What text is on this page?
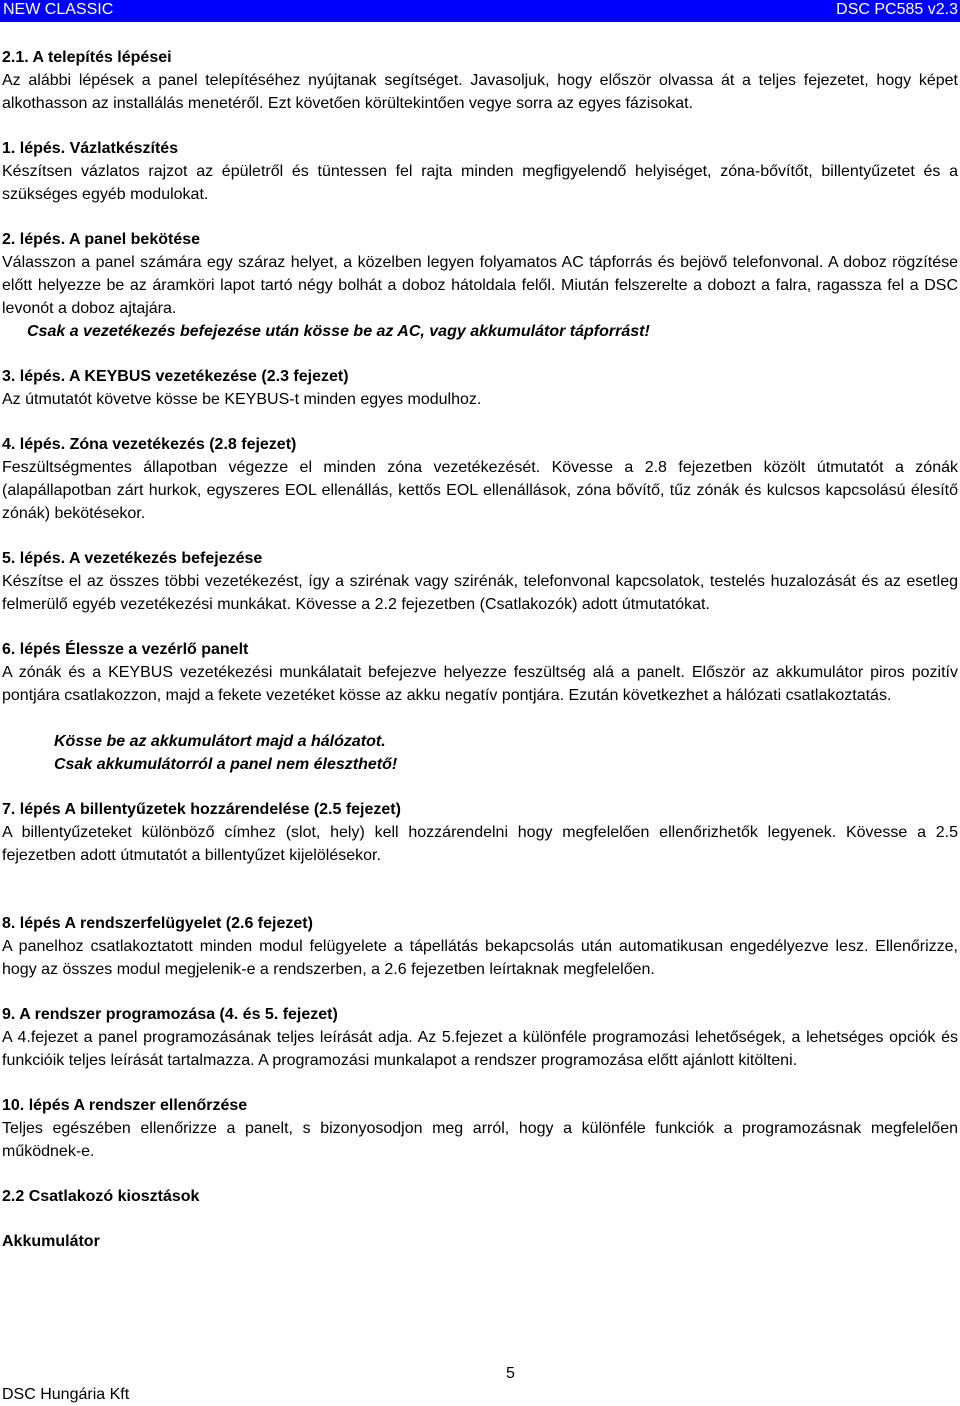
NEW CLASSIC	DSC PC585 v2.3
2.1. A telepítés lépései
Az alábbi lépések a panel telepítéséhez nyújtanak segítséget. Javasoljuk, hogy először olvassa át a teljes fejezetet, hogy képet alkothasson az installálás menetéről. Ezt követően körültekintően vegye sorra az egyes fázisokat.
1. lépés. Vázlatkészítés
Készítsen vázlatos rajzot az épületről és tüntessen fel rajta minden megfigyelendő helyiséget, zóna-bővítőt, billentyűzetet és a szükséges egyéb modulokat.
2. lépés. A panel bekötése
Válasszon a panel számára egy száraz helyet, a közelben legyen folyamatos AC tápforrás és bejövő telefonvonal. A doboz rögzítése előtt helyezze be az áramköri lapot tartó négy bolhát a doboz hátoldala felől. Miután felszerelte a dobozt a falra, ragassza fel a DSC levonót a doboz ajtajára.
Csak a vezetékezés befejezése után kösse be az AC, vagy akkumulátor tápforrást!
3. lépés. A KEYBUS vezetékezése (2.3 fejezet)
Az útmutatót követve kösse be KEYBUS-t minden egyes modulhoz.
4. lépés. Zóna vezetékezés (2.8 fejezet)
Feszültségmentes állapotban végezze el minden zóna vezetékezését. Kövesse a 2.8 fejezetben közölt útmutatót a zónák (alapállapotban zárt hurkok, egyszeres EOL ellenállás, kettős EOL ellenállások, zóna bővítő, tűz zónák és kulcsos kapcsolású élesítő zónák) bekötésekor.
5. lépés. A vezetékezés befejezése
Készítse el az összes többi vezetékezést, így a szirénak vagy szirénák, telefonvonal kapcsolatok, testelés huzalozását és az esetleg felmerülő egyéb vezetékezési munkákat. Kövesse a 2.2 fejezetben (Csatlakozók) adott útmutatókat.
6. lépés Élessze a vezérlő panelt
A zónák és a KEYBUS vezetékezési munkálatait befejezve helyezze feszültség alá a panelt. Először az akkumulátor piros pozitív pontjára csatlakozzon, majd a fekete vezetéket kösse az akku negatív pontjára. Ezután következhet a hálózati csatlakoztatás.
Kösse be az akkumulátort majd a hálózatot.
Csak akkumulátorról a panel nem éleszthető!
7. lépés A billentyűzetek hozzárendelése (2.5 fejezet)
A billentyűzeteket különböző címhez (slot, hely) kell hozzárendelni hogy megfelelően ellenőrizhetők legyenek. Kövesse a 2.5 fejezetben adott útmutatót a billentyűzet kijelölésekor.
8. lépés A rendszerfelügyelet (2.6 fejezet)
A panelhoz csatlakoztatott minden modul felügyelete a tápellátás bekapcsolás után automatikusan engedélyezve lesz. Ellenőrizze, hogy az összes modul megjelenik-e a rendszerben, a 2.6 fejezetben leírtaknak megfelelően.
9. A rendszer programozása (4. és 5. fejezet)
A 4.fejezet a panel programozásának teljes leírását adja. Az 5.fejezet a különféle programozási lehetőségek, a lehetséges opciók és funkcióik teljes leírását tartalmazza. A programozási munkalapot a rendszer programozása előtt ajánlott kitölteni.
10. lépés A rendszer ellenőrzése
Teljes egészében ellenőrizze a panelt, s bizonyosodjon meg arról, hogy a különféle funkciók a programozásnak megfelelően működnek-e.
2.2 Csatlakozó kiosztások
Akkumulátor
5
DSC Hungária Kft
